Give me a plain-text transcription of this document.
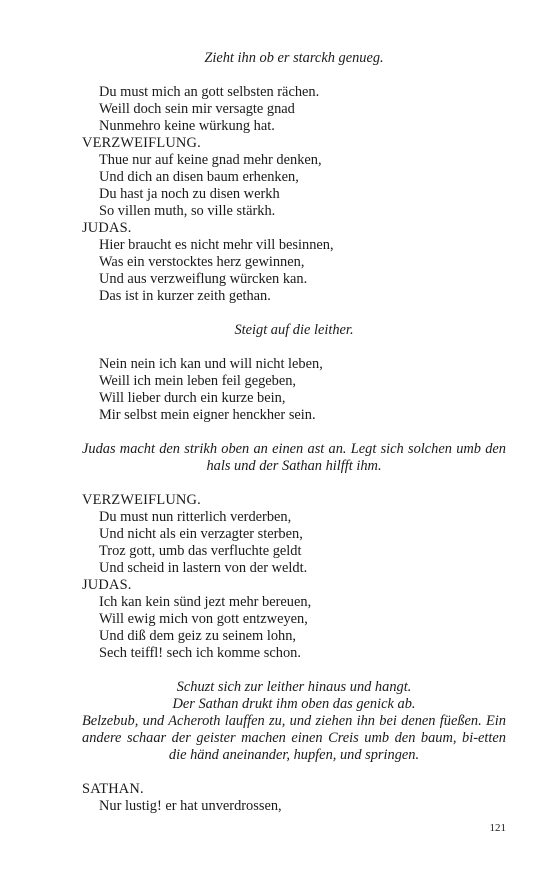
Zieht ihn ob er starckh genueg.
Du must mich an gott selbsten rächen.
Weill doch sein mir versagte gnad
Nunmehro keine würkung hat.
VERZWEIFLUNG.
Thue nur auf keine gnad mehr denken,
Und dich an disen baum erhenken,
Du hast ja noch zu disen werkh
So villen muth, so ville stärkh.
JUDAS.
Hier braucht es nicht mehr vill besinnen,
Was ein verstocktes herz gewinnen,
Und aus verzweiflung würcken kan.
Das ist in kurzer zeith gethan.
Steigt auf die leither.
Nein nein ich kan und will nicht leben,
Weill ich mein leben feil gegeben,
Will lieber durch ein kurze bein,
Mir selbst mein eigner henckher sein.
Judas macht den strikh oben an einen ast an. Legt sich solchen umb den hals und der Sathan hilfft ihm.
VERZWEIFLUNG.
Du must nun ritterlich verderben,
Und nicht als ein verzagter sterben,
Troz gott, umb das verfluchte geldt
Und scheid in lastern von der weldt.
JUDAS.
Ich kan kein sünd jezt mehr bereuen,
Will ewig mich von gott entzweyen,
Und diß dem geiz zu seinem lohn,
Sech teiffl! sech ich komme schon.
Schuzt sich zur leither hinaus und hangt.
Der Sathan drukt ihm oben das genick ab.
Belzebub, und Acheroth lauffen zu, und ziehen ihn bei denen füeßen. Ein andere schaar der geister machen einen Creis umb den baum, bi-etten die händ aneinander, hupfen, und springen.
SATHAN.
Nur lustig! er hat unverdrossen,
121
